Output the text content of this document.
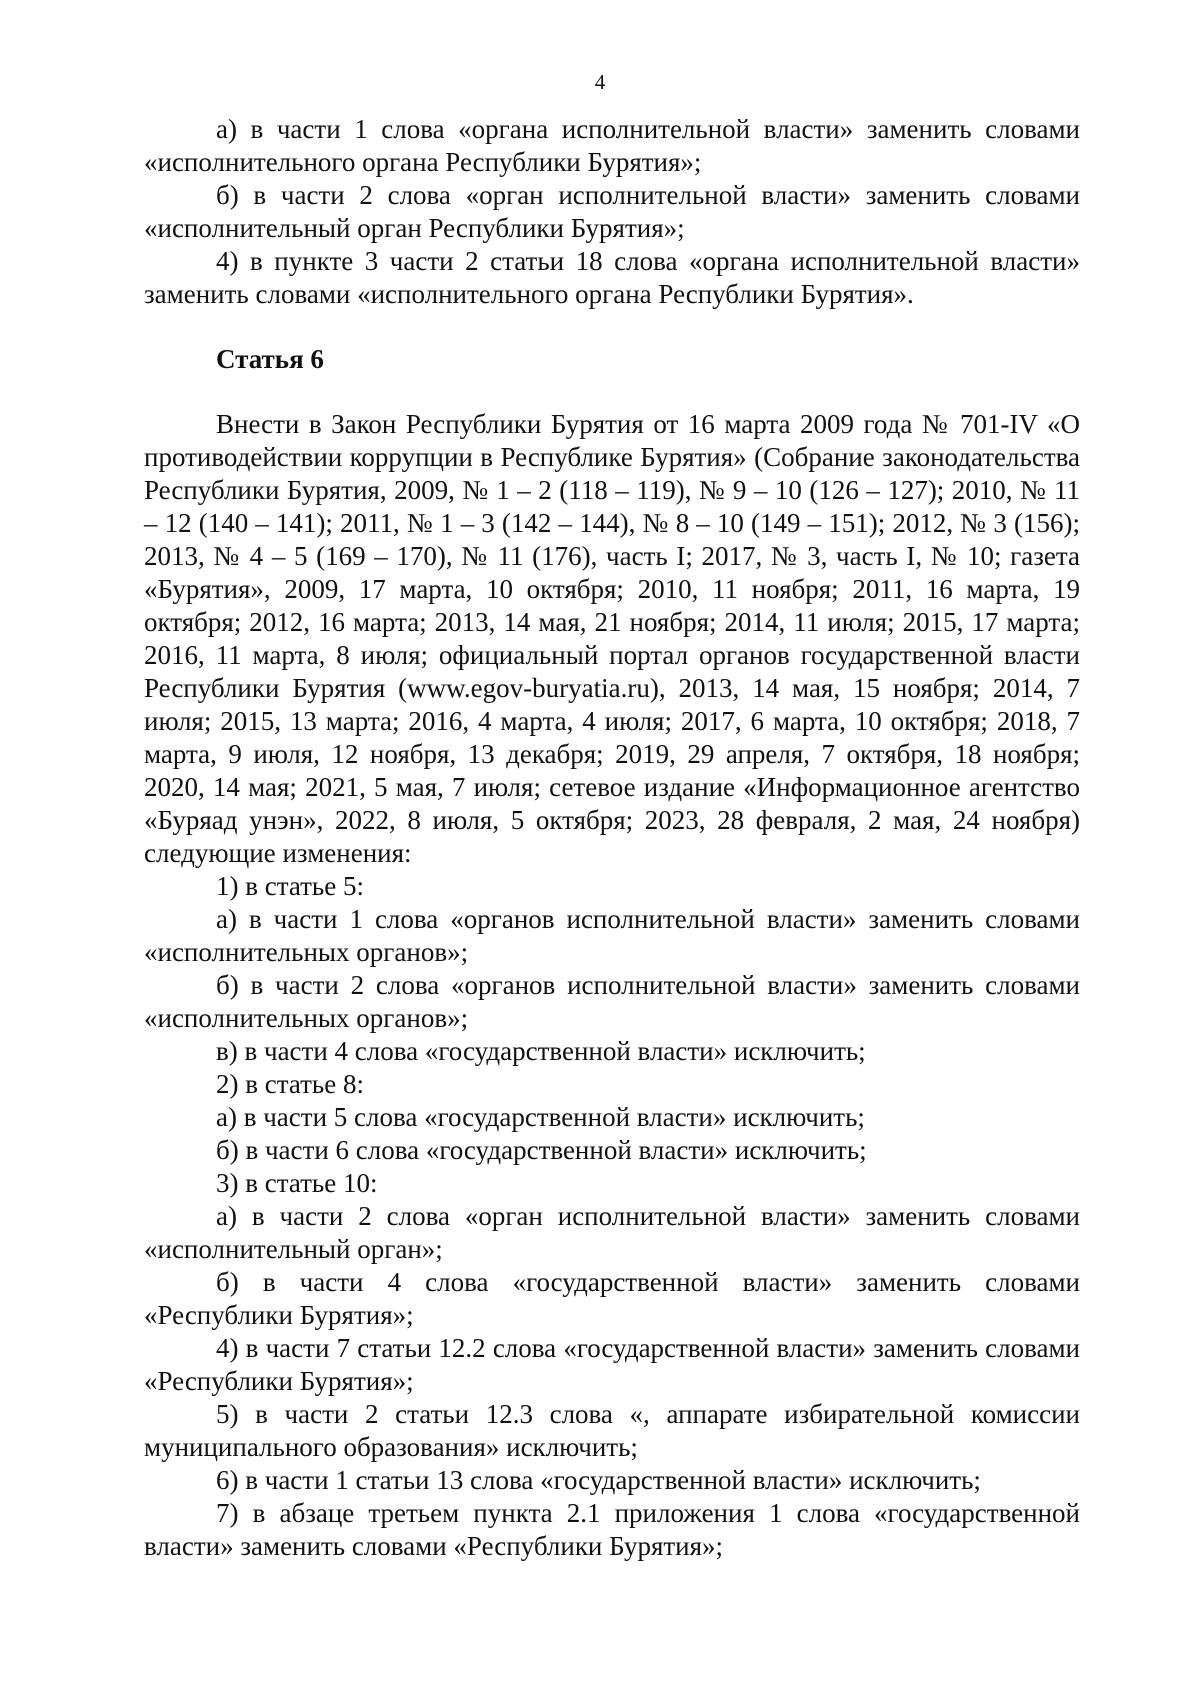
4

а) в части 1 слова «органа исполнительной власти» заменить словами «исполнительного органа Республики Бурятия»;

б) в части 2 слова «орган исполнительной власти» заменить словами «исполнительный орган Республики Бурятия»;

4) в пункте 3 части 2 статьи 18 слова «органа исполнительной власти» заменить словами «исполнительного органа Республики Бурятия».

Статья 6

Внести в Закон Республики Бурятия от 16 марта 2009 года № 701-IV «О противодействии коррупции в Республике Бурятия» (Собрание законодательства Республики Бурятия, 2009, № 1 – 2 (118 – 119), № 9 – 10 (126 – 127); 2010, № 11 – 12 (140 – 141); 2011, № 1 – 3 (142 – 144), № 8 – 10 (149 – 151); 2012, № 3 (156); 2013, № 4 – 5 (169 – 170), № 11 (176), часть I; 2017, № 3, часть I, № 10; газета «Бурятия», 2009, 17 марта, 10 октября; 2010, 11 ноября; 2011, 16 марта, 19 октября; 2012, 16 марта; 2013, 14 мая, 21 ноября; 2014, 11 июля; 2015, 17 марта; 2016, 11 марта, 8 июля; официальный портал органов государственной власти Республики Бурятия (www.egov-buryatia.ru), 2013, 14 мая, 15 ноября; 2014, 7 июля; 2015, 13 марта; 2016, 4 марта, 4 июля; 2017, 6 марта, 10 октября; 2018, 7 марта, 9 июля, 12 ноября, 13 декабря; 2019, 29 апреля, 7 октября, 18 ноября; 2020, 14 мая; 2021, 5 мая, 7 июля; сетевое издание «Информационное агентство «Буряад унэн», 2022, 8 июля, 5 октября; 2023, 28 февраля, 2 мая, 24 ноября) следующие изменения:

1) в статье 5:

а) в части 1 слова «органов исполнительной власти» заменить словами «исполнительных органов»;

б) в части 2 слова «органов исполнительной власти» заменить словами «исполнительных органов»;

в) в части 4 слова «государственной власти» исключить;

2) в статье 8:

а) в части 5 слова «государственной власти» исключить;

б) в части 6 слова «государственной власти» исключить;

3) в статье 10:

а) в части 2 слова «орган исполнительной власти» заменить словами «исполнительный орган»;

б) в части 4 слова «государственной власти» заменить словами «Республики Бурятия»;

4) в части 7 статьи 12.2 слова «государственной власти» заменить словами «Республики Бурятия»;

5) в части 2 статьи 12.3 слова «, аппарате избирательной комиссии муниципального образования» исключить;

6) в части 1 статьи 13 слова «государственной власти» исключить;

7) в абзаце третьем пункта 2.1 приложения 1 слова «государственной власти» заменить словами «Республики Бурятия»;
